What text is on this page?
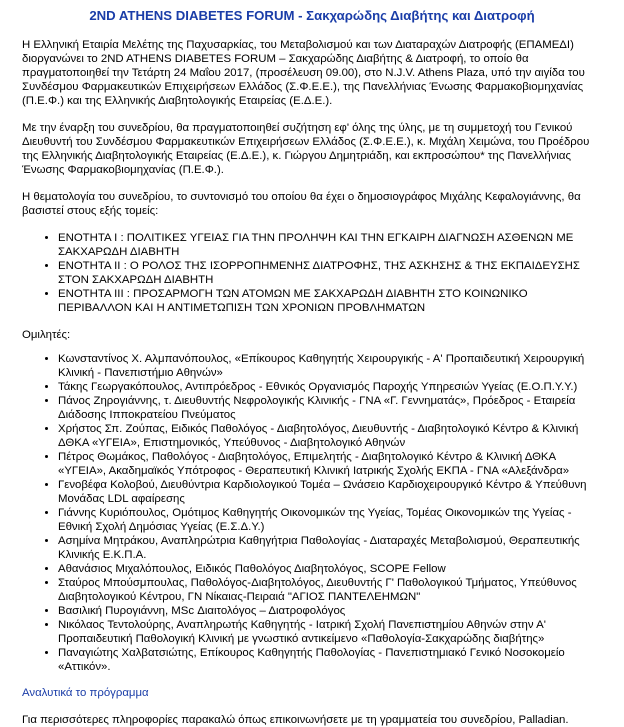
2ND ATHENS DIABETES FORUM - Σακχαρώδης Διαβήτης και Διατροφή

Η Ελληνική Εταιρία Μελέτης της Παχυσαρκίας, του Μεταβολισμού και των Διαταραχών Διατροφής (ΕΠΑΜΕΔΙ) διοργανώνει το 2ND ATHENS DIABETES FORUM – Σακχαρώδης Διαβήτης & Διατροφή, το οποίο θα πραγματοποιηθεί την Τετάρτη 24 Μαΐου 2017, (προσέλευση 09.00), στο N.J.V. Athens Plaza, υπό την αιγίδα του Συνδέσμου Φαρμακευτικών Επιχειρήσεων Ελλάδος (Σ.Φ.Ε.Ε.), της Πανελλήνιας Ένωσης Φαρμακοβιομηχανίας (Π.Ε.Φ.) και της Ελληνικής Διαβητολογικής Εταιρείας (Ε.Δ.Ε.).

Με την έναρξη του συνεδρίου, θα πραγματοποιηθεί συζήτηση εφ' όλης της ύλης, με τη συμμετοχή του Γενικού Διευθυντή του Συνδέσμου Φαρμακευτικών Επιχειρήσεων Ελλάδος (Σ.Φ.Ε.Ε.), κ. Μιχάλη Χειμώνα, του Προέδρου της Ελληνικής Διαβητολογικής Εταιρείας (Ε.Δ.Ε.), κ. Γιώργου Δημητριάδη, και εκπροσώπου* της Πανελλήνιας Ένωσης Φαρμακοβιομηχανίας (Π.Ε.Φ.).

Η θεματολογία του συνεδρίου, το συντονισμό του οποίου θα έχει ο δημοσιογράφος Μιχάλης Κεφαλογιάννης, θα βασιστεί στους εξής τομείς:

• ΕΝΟΤΗΤΑ I : ΠΟΛΙΤΙΚΕΣ ΥΓΕΙΑΣ ΓΙΑ ΤΗΝ ΠΡΟΛΗΨΗ ΚΑΙ ΤΗΝ ΕΓΚΑΙΡΗ ΔΙΑΓΝΩΣΗ ΑΣΘΕΝΩΝ ΜΕ ΣΑΚΧΑΡΩΔΗ ΔΙΑΒΗΤΗ
• ΕΝΟΤΗΤΑ II : Ο ΡΟΛΟΣ ΤΗΣ ΙΣΟΡΡΟΠΗΜΕΝΗΣ ΔΙΑΤΡΟΦΗΣ, ΤΗΣ ΑΣΚΗΣΗΣ & ΤΗΣ ΕΚΠΑΙΔΕΥΣΗΣ ΣΤΟΝ ΣΑΚΧΑΡΩΔΗ ΔΙΑΒΗΤΗ
• ΕΝΟΤΗΤΑ III : ΠΡΟΣΑΡΜΟΓΗ ΤΩΝ ΑΤΟΜΩΝ ΜΕ ΣΑΚΧΑΡΩΔΗ ΔΙΑΒΗΤΗ ΣΤΟ ΚΟΙΝΩΝΙΚΟ ΠΕΡΙΒΑΛΛΟΝ ΚΑΙ Η ΑΝΤΙΜΕΤΩΠΙΣΗ ΤΩΝ ΧΡΟΝΙΩΝ ΠΡΟΒΛΗΜΑΤΩΝ

Ομιλητές:

• Κωνσταντίνος Χ. Αλμπανόπουλος, «Επίκουρος Καθηγητής Χειρουργικής - Α' Προπαιδευτική Χειρουργική Κλινική - Πανεπιστήμιο Αθηνών»
• Τάκης Γεωργακόπουλος, Αντιπρόεδρος - Εθνικός Οργανισμός Παροχής Υπηρεσιών Υγείας (Ε.Ο.Π.Υ.Υ.)
• Πάνος Ζηρογιάννης, τ. Διευθυντής Νεφρολογικής Κλινικής - ΓΝΑ «Γ. Γεννηματάς», Πρόεδρος - Εταιρεία Διάδοσης Ιπποκρατείου Πνεύματος
• Χρήστος Σπ. Ζούπας, Ειδικός Παθολόγος - Διαβητολόγος, Διευθυντής - Διαβητολογικό Κέντρο & Κλινική ΔΘΚΑ «ΥΓΕΙΑ», Επιστημονικός, Υπεύθυνος - Διαβητολογικό Αθηνών
• Πέτρος Θωμάκος, Παθολόγος - Διαβητολόγος, Επιμελητής - Διαβητολογικό Κέντρο & Κλινική ΔΘΚΑ «ΥΓΕΙΑ», Ακαδημαϊκός Υπότροφος - Θεραπευτική Κλινική Ιατρικής Σχολής ΕΚΠΑ - ΓΝΑ «Αλεξάνδρα»
• Γενοβέφα Κολοβού, Διευθύντρια Καρδιολογικού Τομέα – Ωνάσειο Καρδιοχειρουργικό Κέντρο & Υπεύθυνη Μονάδας LDL αφαίρεσης
• Γιάννης Κυριόπουλος, Ομότιμος Καθηγητής Οικονομικών της Υγείας, Τομέας Οικονομικών της Υγείας - Εθνική Σχολή Δημόσιας Υγείας (Ε.Σ.Δ.Υ.)
• Ασημίνα Μητράκου, Αναπληρώτρια Καθηγήτρια Παθολογίας - Διαταραχές Μεταβολισμού, Θεραπευτικής Κλινικής Ε.Κ.Π.Α.
• Αθανάσιος Μιχαλόπουλος, Ειδικός Παθολόγος Διαβητολόγος, SCOPE Fellow
• Σταύρος Μπούσμπουλας, Παθολόγος-Διαβητολόγος, Διευθυντής Γ' Παθολογικού Τμήματος, Υπεύθυνος Διαβητολογικού Κέντρου, ΓΝ Νίκαιας-Πειραιά "ΑΓΙΟΣ ΠΑΝΤΕΛΕΗΜΩΝ"
• Βασιλική Πυρογιάννη, MSc Διαιτολόγος – Διατροφολόγος
• Νικόλαος Τεντολούρης, Αναπληρωτής Καθηγητής - Ιατρική Σχολή Πανεπιστημίου Αθηνών στην Α' Προπαιδευτική Παθολογική Κλινική με γνωστικό αντικείμενο «Παθολογία-Σακχαρώδης διαβήτης»
• Παναγιώτης Χαλβατσιώτης, Επίκουρος Καθηγητής Παθολογίας - Πανεπιστημιακό Γενικό Νοσοκομείο «Αττικόν».

Αναλυτικά το πρόγραμμα

Για περισσότερες πληροφορίες παρακαλώ όπως επικοινωνήσετε με τη γραμματεία του συνεδρίου, Palladian.
